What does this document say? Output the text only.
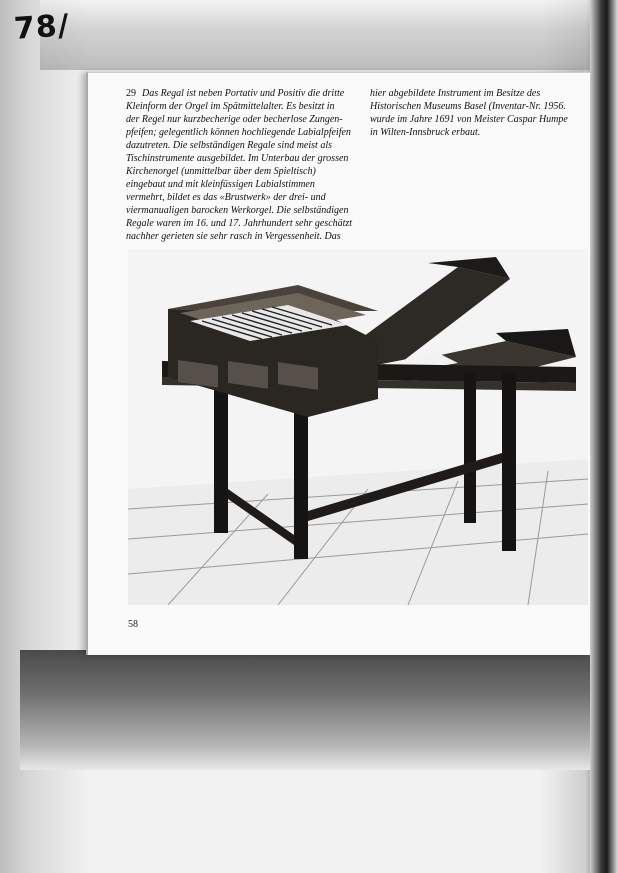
78/
29 Das Regal ist neben Portativ und Positiv die dritte
Kleinform der Orgel im Spätmittelalter. Es besitzt in
der Regel nur kurzbecherige oder becherlose Zungen-
pfeifen; gelegentlich können hochliegende Labialpfeifen
dazutreten. Die selbständigen Regale sind meist als
Tischinstrumente ausgebildet. Im Unterbau der grossen
Kirchenorgel (unmittelbar über dem Spieltisch)
eingebaut und mit kleinfüssigen Labialstimmen
vermehrt, bildet es das «Brustwerk» der drei- und
viermanualigen barocken Werkorgel. Die selbständigen
Regale waren im 16. und 17. Jahrhundert sehr geschätzt
nachher gerieten sie sehr rasch in Vergessenheit. Das
hier abgebildete Instrument im Besitze des
Historischen Museums Basel (Inventar-Nr. 1956.
wurde im Jahre 1691 von Meister Caspar Humpe
in Wilten-Innsbruck erbaut.
58
